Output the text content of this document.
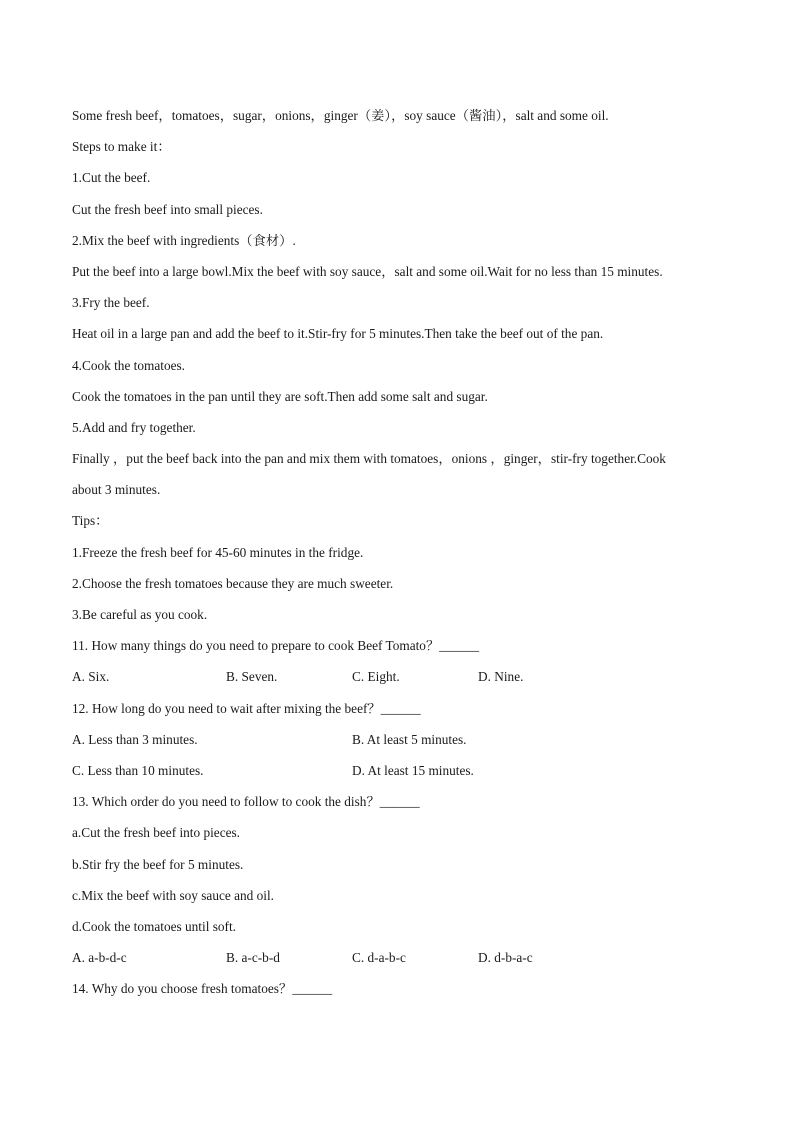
Some fresh beef，tomatoes，sugar，onions，ginger（姜），soy sauce（酱油），salt and some oil.
Steps to make it：
1.Cut the beef.
Cut the fresh beef into small pieces.
2.Mix the beef with ingredients（食材）.
Put the beef into a large bowl.Mix the beef with soy sauce，salt and some oil.Wait for no less than 15 minutes.
3.Fry the beef.
Heat oil in a large pan and add the beef to it.Stir-fry for 5 minutes.Then take the beef out of the pan.
4.Cook the tomatoes.
Cook the tomatoes in the pan until they are soft.Then add some salt and sugar.
5.Add and fry together.
Finally ，put the beef back into the pan and mix them with tomatoes，onions ，ginger，stir-fry together.Cook
about 3 minutes.
Tips：
1.Freeze the fresh beef for 45-60 minutes in the fridge.
2.Choose the fresh tomatoes because they are much sweeter.
3.Be careful as you cook.
11. How many things do you need to prepare to cook Beef Tomato？______
A. Six.	B. Seven.	C. Eight.	D. Nine.
12. How long do you need to wait after mixing the beef？______
A. Less than 3 minutes.	B. At least 5 minutes.
C. Less than 10 minutes.	D. At least 15 minutes.
13. Which order do you need to follow to cook the dish？______
a.Cut the fresh beef into pieces.
b.Stir fry the beef for 5 minutes.
c.Mix the beef with soy sauce and oil.
d.Cook the tomatoes until soft.
A. a-b-d-c	B. a-c-b-d	C. d-a-b-c	D. d-b-a-c
14. Why do you choose fresh tomatoes？______
